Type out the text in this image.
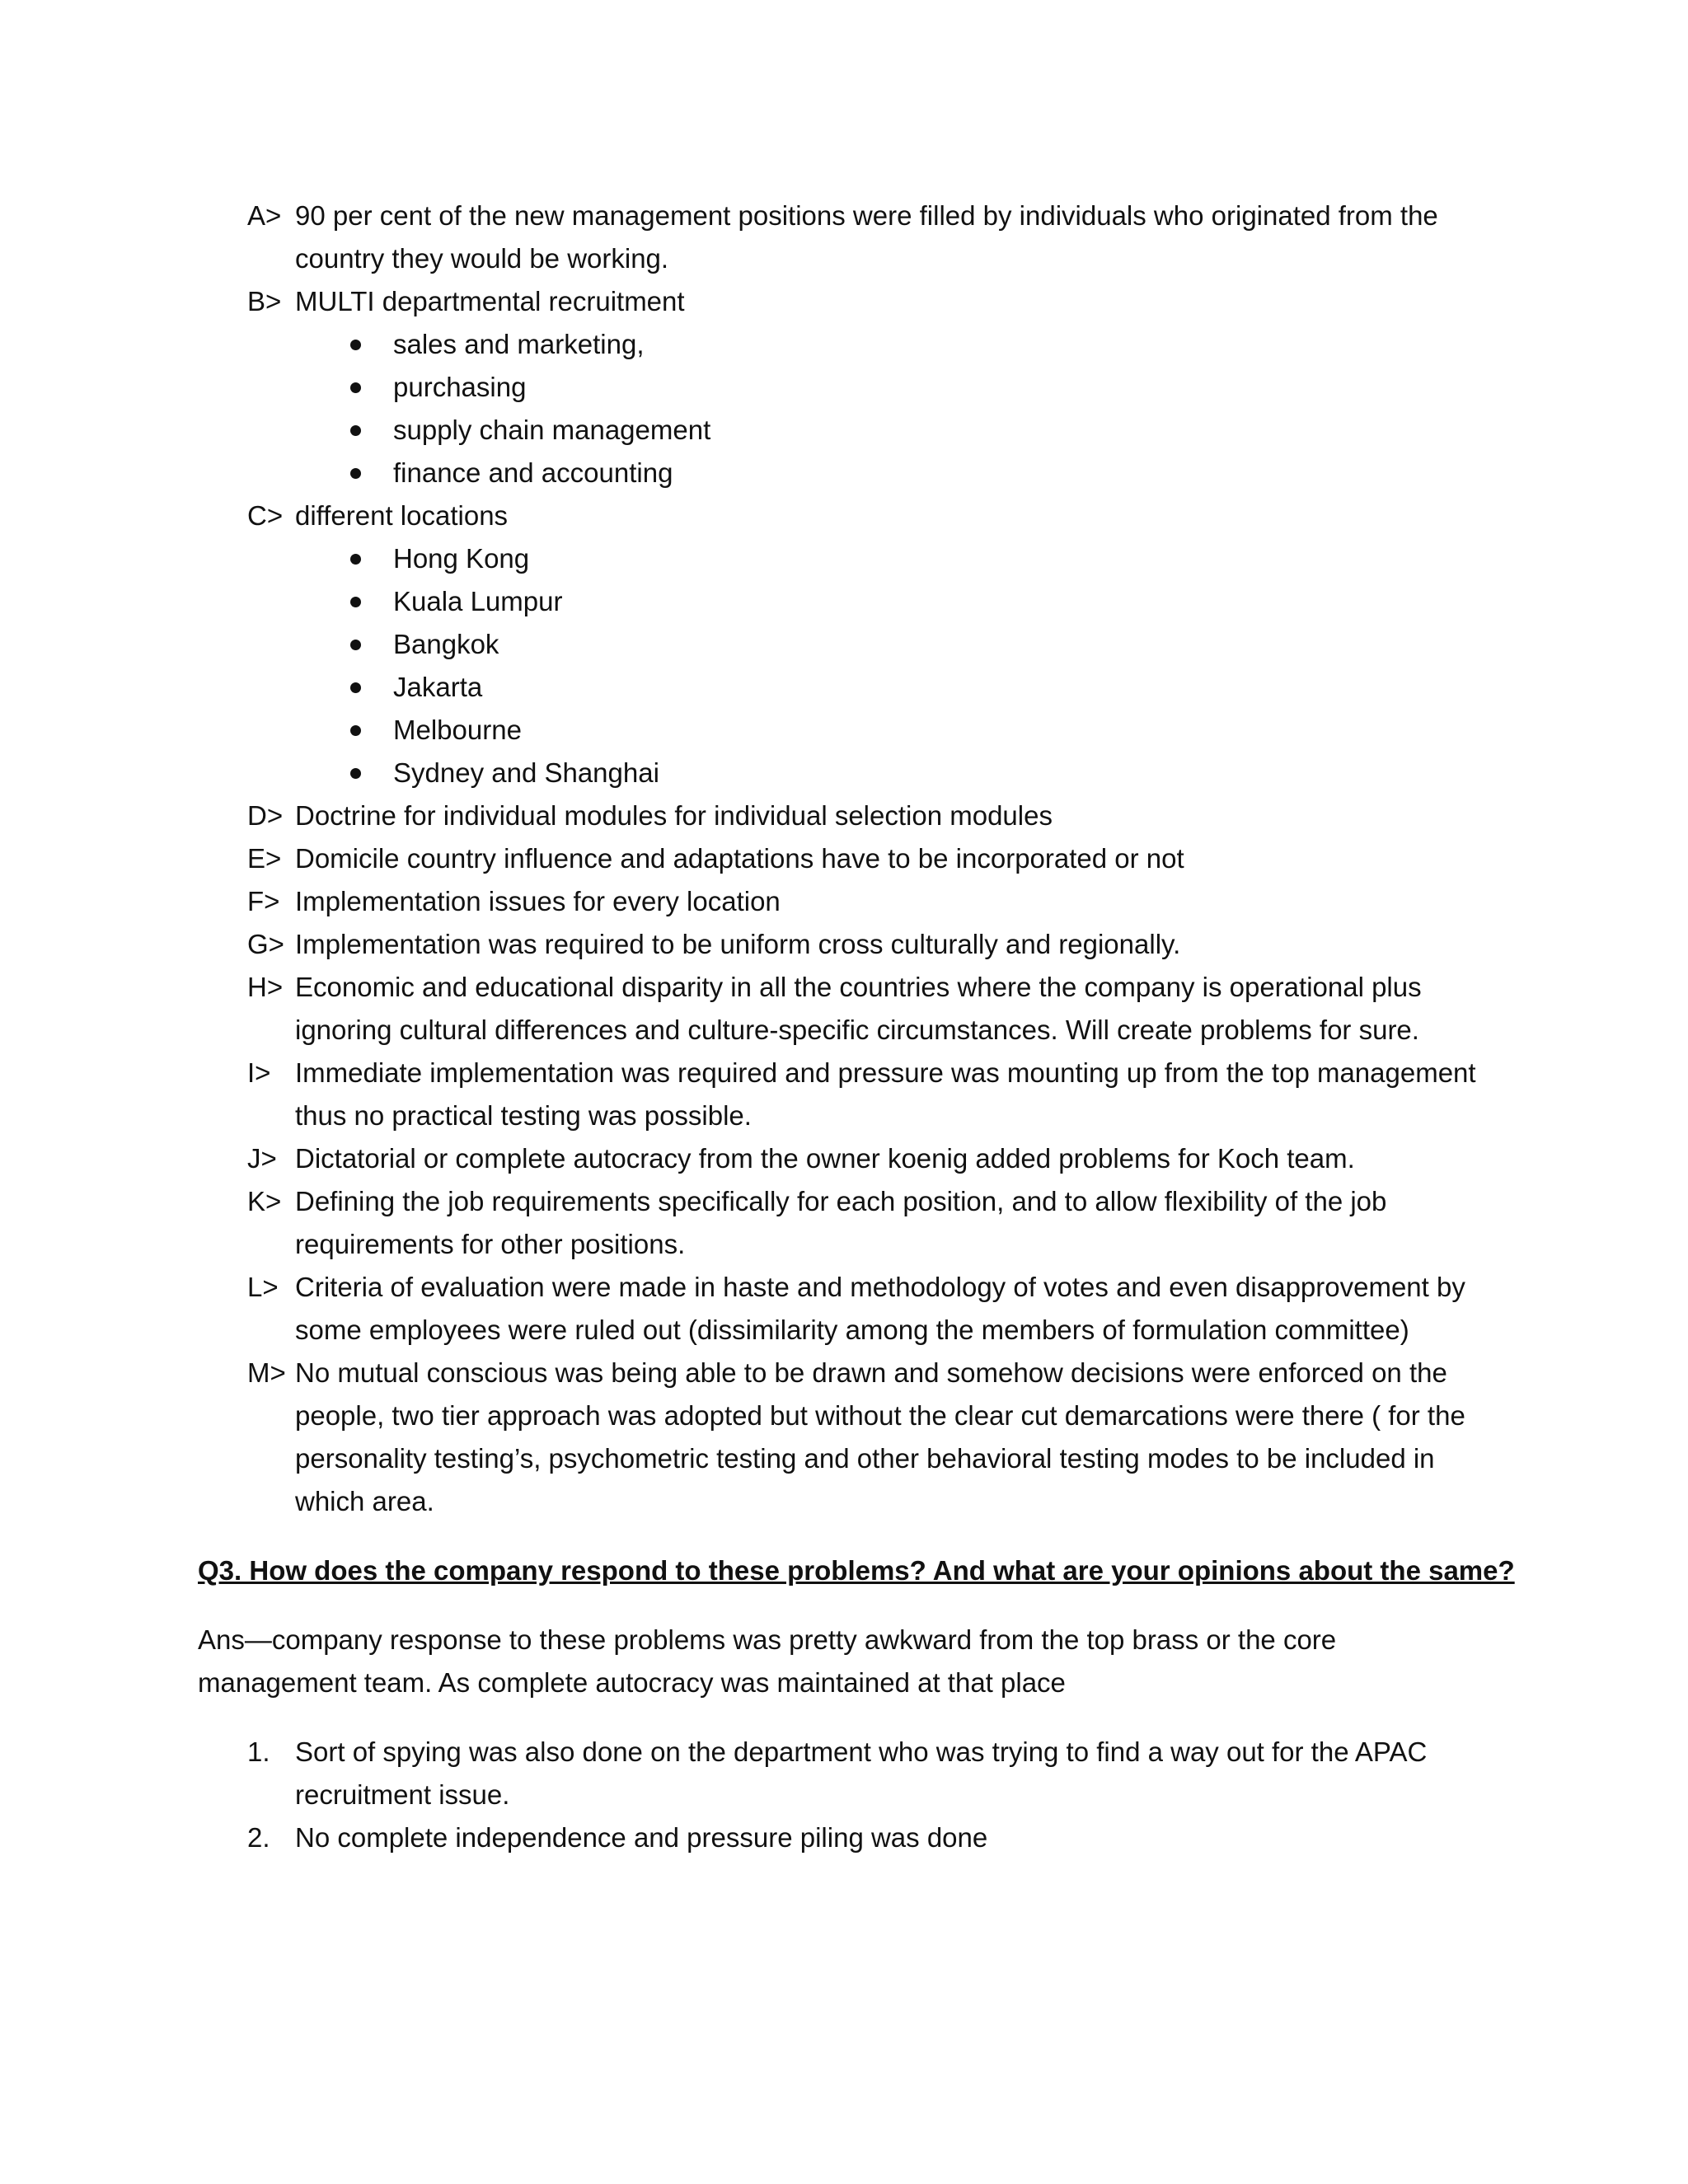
A> 90 per cent of the new management positions were filled by individuals who originated from the country they would be working.
B> MULTI departmental recruitment
sales and marketing,
purchasing
supply chain management
finance and accounting
C> different locations
Hong Kong
Kuala Lumpur
Bangkok
Jakarta
Melbourne
Sydney and Shanghai
D> Doctrine for individual modules for individual selection modules
E> Domicile country influence and adaptations have to be incorporated or not
F> Implementation issues for every location
G> Implementation was required to be uniform cross culturally and regionally.
H> Economic and educational disparity in all the countries where the company is operational plus ignoring cultural differences and culture-specific circumstances. Will create problems for sure.
I> Immediate implementation was required and pressure was mounting up from the top management thus no practical testing was possible.
J> Dictatorial or complete autocracy from the owner koenig added problems for Koch team.
K> Defining the job requirements specifically for each position, and to allow flexibility of the job requirements for other positions.
L> Criteria of evaluation were made in haste and methodology of votes and even disapprovement by some employees were ruled out (dissimilarity among the members of formulation committee)
M> No mutual conscious was being able to be drawn and somehow decisions were enforced on the people, two tier approach was adopted but without the clear cut demarcations were there ( for the personality testing’s, psychometric testing and other behavioral testing modes to be included in which area.
Q3. How does the company respond to these problems? And what are your opinions about the same?
Ans—company response to these problems was pretty awkward from the top brass or the core management team. As complete autocracy was maintained at that place
1. Sort of spying was also done on the department who was trying to find a way out for the APAC recruitment issue.
2. No complete independence and pressure piling was done
